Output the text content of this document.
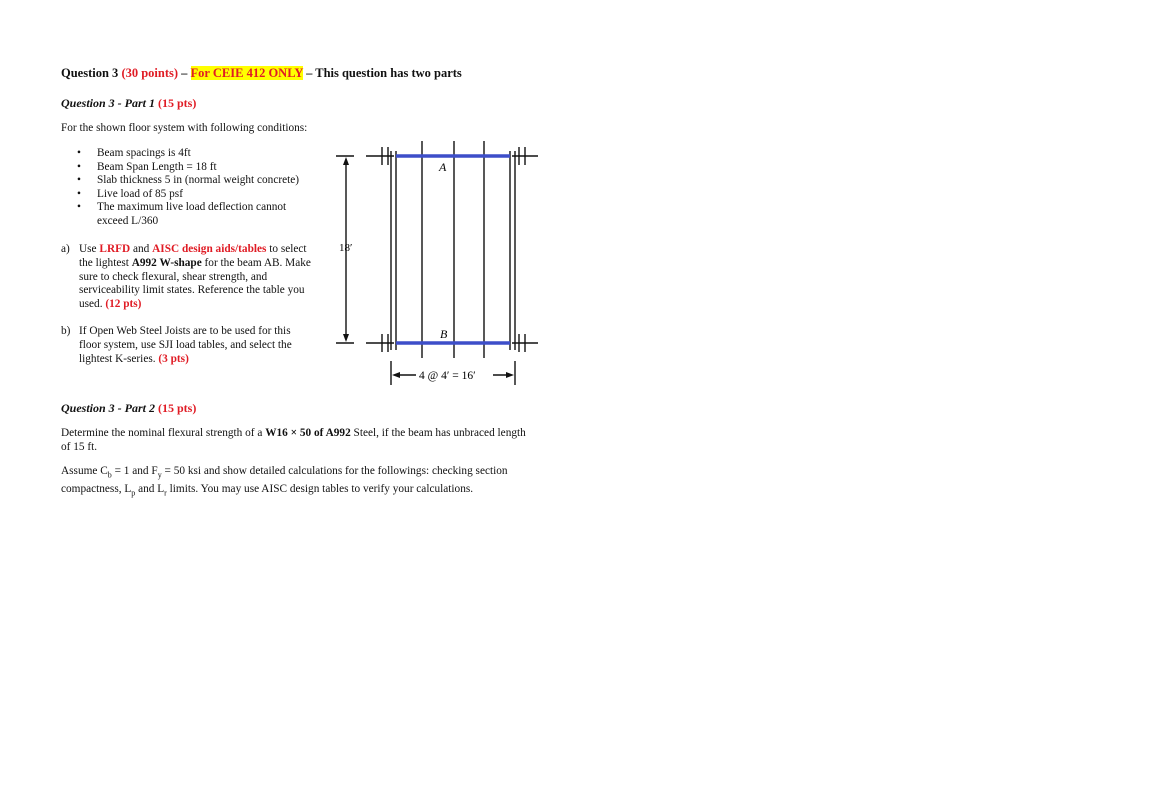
Question 3 (30 points) – For CEIE 412 ONLY – This question has two parts
Question 3 - Part 1 (15 pts)
For the shown floor system with following conditions:
• Beam spacings is 4ft
• Beam Span Length = 18 ft
• Slab thickness 5 in (normal weight concrete)
• Live load of 85 psf
• The maximum live load deflection cannot
exceed L/360
a) Use LRFD and AISC design aids/tables to select the lightest A992 W-shape for the beam AB. Make sure to check flexural, shear strength, and serviceability limit states. Reference the table you used. (12 pts)
b) If Open Web Steel Joists are to be used for this floor system, use SJI load tables, and select the lightest K-series. (3 pts)
A
B
18′
4 @ 4′ = 16′
Question 3 - Part 2 (15 pts)
Determine the nominal flexural strength of a W16 × 50 of A992 Steel, if the beam has unbraced length of 15 ft.
Assume $C_b = 1$ and $F_y = 50$ ksi and show detailed calculations for the followings: checking section compactness, $L_p$ and $L_r$ limits. You may use AISC design tables to verify your calculations.
